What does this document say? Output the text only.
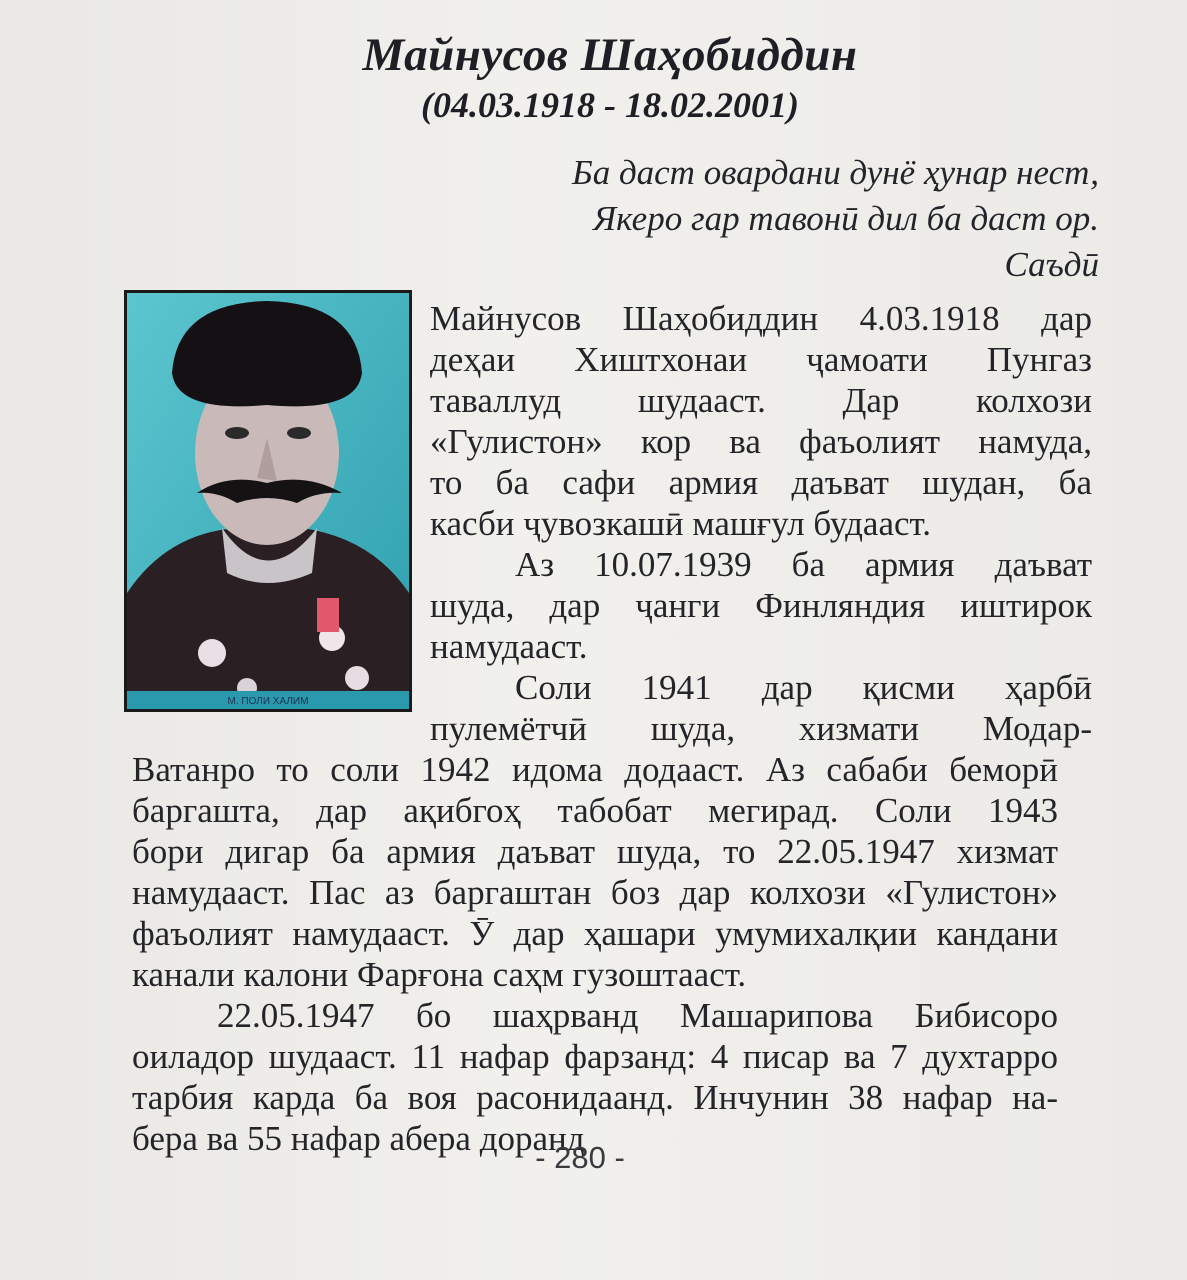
Майнусов Шаҳобиддин
(04.03.1918 - 18.02.2001)
Ба даст овардани дунё ҳунар нест,
Якеро гар тавонӣ дил ба даст ор.
Саъдӣ
М. ПОЛИ ХАЛИМ
Майнусов Шаҳобиддин 4.03.1918 дар
деҳаи Хиштхонаи ҷамоати Пунгаз
таваллуд шудааст. Дар колхози
«Гулистон» кор ва фаъолият намуда,
то ба сафи армия даъват шудан, ба
касби ҷувозкашӣ машғул будааст.
Аз 10.07.1939 ба армия даъват
шуда, дар ҷанги Финляндия иштирок
намудааст.
Соли 1941 дар қисми ҳарбӣ
пулемётчӣ шуда, хизмати Модар-
Ватанро то соли 1942 идома додааст. Аз сабаби беморӣ
баргашта, дар ақибгоҳ табобат мегирад. Соли 1943
бори дигар ба армия даъват шуда, то 22.05.1947 хизмат
намудааст. Пас аз баргаштан боз дар колхози «Гулистон»
фаъолият намудааст. Ӯ дар ҳашари умумихалқии кандани
канали калони Фарғона саҳм гузоштааст.
22.05.1947 бо шаҳрванд Машарипова Бибисоро
оиладор шудааст. 11 нафар фарзанд: 4 писар ва 7 духтарро
тарбия карда ба воя расонидаанд. Инчунин 38 нафар на-
бера ва 55 нафар абера доранд
- 280 -
